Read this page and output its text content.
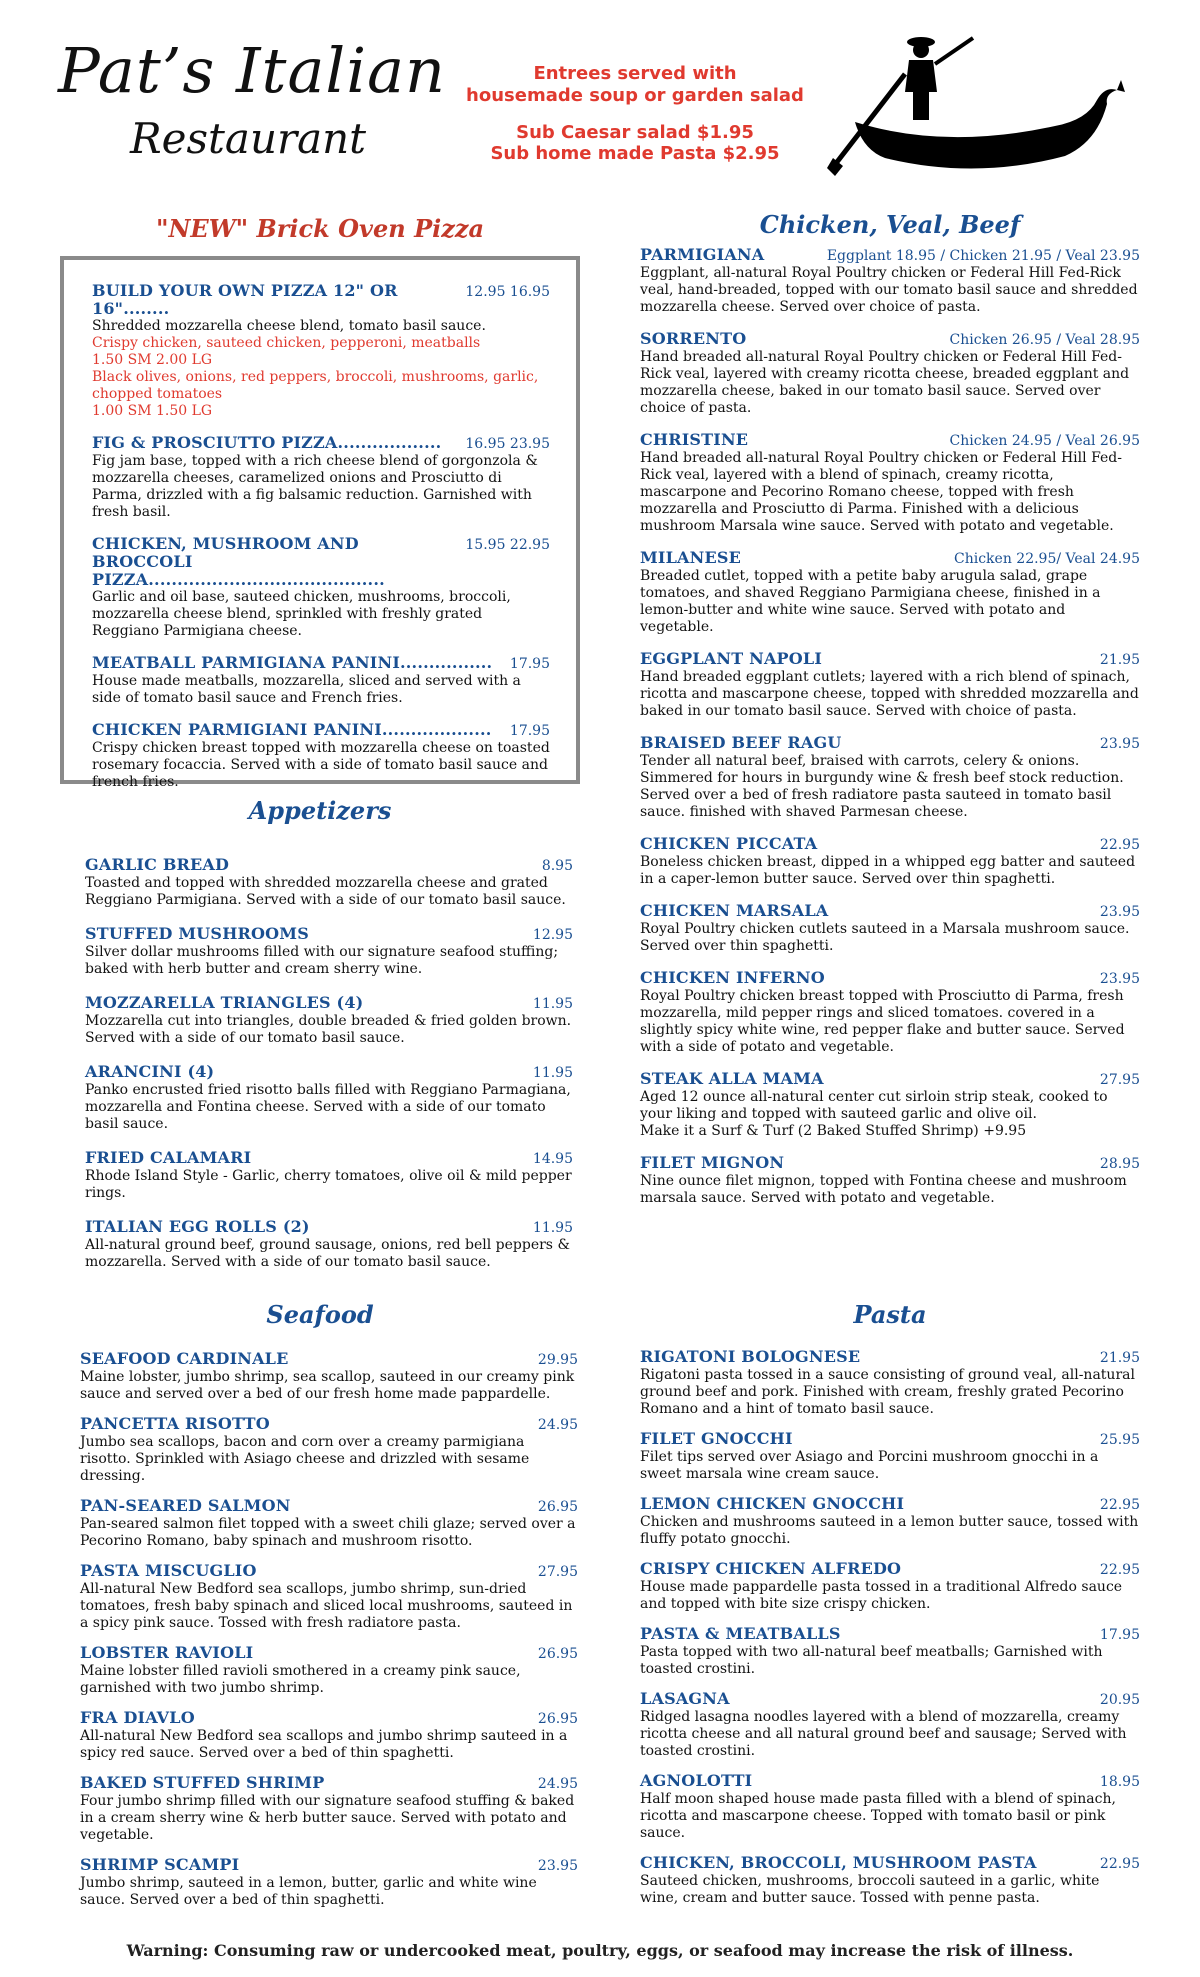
Pat’s Italian
Restaurant
Entrees served with
housemade soup or garden salad
Sub Caesar salad $1.95
Sub home made Pasta $2.95
"NEW" Brick Oven Pizza
BUILD YOUR OWN PIZZA 12" OR 16"........
12.95 16.95
Shredded mozzarella cheese blend, tomato basil sauce.
Crispy chicken, sauteed chicken, pepperoni, meatballs
1.50 SM 2.00 LG
Black olives, onions, red peppers, broccoli, mushrooms, garlic, chopped tomatoes
1.00 SM 1.50 LG
FIG & PROSCIUTTO PIZZA.................. 16.95 23.95
Fig jam base, topped with a rich cheese blend of gorgonzola & mozzarella cheeses, caramelized onions and Prosciutto di Parma, drizzled with a fig balsamic reduction. Garnished with fresh basil.
CHICKEN, MUSHROOM AND BROCCOLI PIZZA.........................................
15.95 22.95
Garlic and oil base, sauteed chicken, mushrooms, broccoli, mozzarella cheese blend, sprinkled with freshly grated Reggiano Parmigiana cheese.
MEATBALL PARMIGIANA PANINI................ 17.95
House made meatballs, mozzarella, sliced and served with a side of tomato basil sauce and French fries.
CHICKEN PARMIGIANI PANINI................... 17.95
Crispy chicken breast topped with mozzarella cheese on toasted rosemary focaccia. Served with a side of tomato basil sauce and french fries.
Appetizers
GARLIC BREAD	8.95
Toasted and topped with shredded mozzarella cheese and grated Reggiano Parmigiana. Served with a side of our tomato basil sauce.
STUFFED MUSHROOMS	12.95
Silver dollar mushrooms filled with our signature seafood stuffing; baked with herb butter and cream sherry wine.
MOZZARELLA TRIANGLES (4)	11.95
Mozzarella cut into triangles, double breaded & fried golden brown. Served with a side of our tomato basil sauce.
ARANCINI (4)	11.95
Panko encrusted fried risotto balls filled with Reggiano Parmagiana, mozzarella and Fontina cheese. Served with a side of our tomato basil sauce.
FRIED CALAMARI	14.95
Rhode Island Style - Garlic, cherry tomatoes, olive oil & mild pepper rings.
ITALIAN EGG ROLLS (2)	11.95
All-natural ground beef, ground sausage, onions, red bell peppers & mozzarella. Served with a side of our tomato basil sauce.
Seafood
SEAFOOD CARDINALE	29.95
Maine lobster, jumbo shrimp, sea scallop, sauteed in our creamy pink sauce and served over a bed of our fresh home made pappardelle.
PANCETTA RISOTTO	24.95
Jumbo sea scallops, bacon and corn over a creamy parmigiana risotto. Sprinkled with Asiago cheese and drizzled with sesame dressing.
PAN-SEARED SALMON	26.95
Pan-seared salmon filet topped with a sweet chili glaze; served over a Pecorino Romano, baby spinach and mushroom risotto.
PASTA MISCUGLIO	27.95
All-natural New Bedford sea scallops, jumbo shrimp, sun-dried tomatoes, fresh baby spinach and sliced local mushrooms, sauteed in a spicy pink sauce. Tossed with fresh radiatore pasta.
LOBSTER RAVIOLI	26.95
Maine lobster filled ravioli smothered in a creamy pink sauce, garnished with two jumbo shrimp.
FRA DIAVLO	26.95
All-natural New Bedford sea scallops and jumbo shrimp sauteed in a spicy red sauce. Served over a bed of thin spaghetti.
BAKED STUFFED SHRIMP	24.95
Four jumbo shrimp filled with our signature seafood stuffing & baked in a cream sherry wine & herb butter sauce. Served with potato and vegetable.
SHRIMP SCAMPI	23.95
Jumbo shrimp, sauteed in a lemon, butter, garlic and white wine sauce. Served over a bed of thin spaghetti.
Chicken, Veal, Beef
PARMIGIANA	Eggplant 18.95 / Chicken 21.95 / Veal 23.95
Eggplant, all-natural Royal Poultry chicken or Federal Hill Fed-Rick veal, hand-breaded, topped with our tomato basil sauce and shredded mozzarella cheese. Served over choice of pasta.
SORRENTO	Chicken 26.95 / Veal 28.95
Hand breaded all-natural Royal Poultry chicken or Federal Hill Fed-Rick veal, layered with creamy ricotta cheese, breaded eggplant and mozzarella cheese, baked in our tomato basil sauce. Served over choice of pasta.
CHRISTINE	Chicken 24.95 / Veal 26.95
Hand breaded all-natural Royal Poultry chicken or Federal Hill Fed-Rick veal, layered with a blend of spinach, creamy ricotta, mascarpone and Pecorino Romano cheese, topped with fresh mozzarella and Prosciutto di Parma. Finished with a delicious mushroom Marsala wine sauce. Served with potato and vegetable.
MILANESE	Chicken 22.95/ Veal 24.95
Breaded cutlet, topped with a petite baby arugula salad, grape tomatoes, and shaved Reggiano Parmigiana cheese, finished in a lemon-butter and white wine sauce. Served with potato and vegetable.
EGGPLANT NAPOLI	21.95
Hand breaded eggplant cutlets; layered with a rich blend of spinach, ricotta and mascarpone cheese, topped with shredded mozzarella and baked in our tomato basil sauce. Served with choice of pasta.
BRAISED BEEF RAGU	23.95
Tender all natural beef, braised with carrots, celery & onions. Simmered for hours in burgundy wine & fresh beef stock reduction. Served over a bed of fresh radiatore pasta sauteed in tomato basil sauce. finished with shaved Parmesan cheese.
CHICKEN PICCATA	22.95
Boneless chicken breast, dipped in a whipped egg batter and sauteed in a caper-lemon butter sauce. Served over thin spaghetti.
CHICKEN MARSALA	23.95
Royal Poultry chicken cutlets sauteed in a Marsala mushroom sauce. Served over thin spaghetti.
CHICKEN INFERNO	23.95
Royal Poultry chicken breast topped with Prosciutto di Parma, fresh mozzarella, mild pepper rings and sliced tomatoes. covered in a slightly spicy white wine, red pepper flake and butter sauce. Served with a side of potato and vegetable.
STEAK ALLA MAMA	27.95
Aged 12 ounce all-natural center cut sirloin strip steak, cooked to your liking and topped with sauteed garlic and olive oil.
Make it a Surf & Turf (2 Baked Stuffed Shrimp) +9.95
FILET MIGNON	28.95
Nine ounce filet mignon, topped with Fontina cheese and mushroom marsala sauce. Served with potato and vegetable.
Pasta
RIGATONI BOLOGNESE	21.95
Rigatoni pasta tossed in a sauce consisting of ground veal, all-natural ground beef and pork. Finished with cream, freshly grated Pecorino Romano and a hint of tomato basil sauce.
FILET GNOCCHI	25.95
Filet tips served over Asiago and Porcini mushroom gnocchi in a sweet marsala wine cream sauce.
LEMON CHICKEN GNOCCHI	22.95
Chicken and mushrooms sauteed in a lemon butter sauce, tossed with fluffy potato gnocchi.
CRISPY CHICKEN ALFREDO	22.95
House made pappardelle pasta tossed in a traditional Alfredo sauce and topped with bite size crispy chicken.
PASTA & MEATBALLS	17.95
Pasta topped with two all-natural beef meatballs; Garnished with toasted crostini.
LASAGNA	20.95
Ridged lasagna noodles layered with a blend of mozzarella, creamy ricotta cheese and all natural ground beef and sausage; Served with toasted crostini.
AGNOLOTTI	18.95
Half moon shaped house made pasta filled with a blend of spinach, ricotta and mascarpone cheese. Topped with tomato basil or pink sauce.
CHICKEN, BROCCOLI, MUSHROOM PASTA	22.95
Sauteed chicken, mushrooms, broccoli sauteed in a garlic, white wine, cream and butter sauce. Tossed with penne pasta.
Warning: Consuming raw or undercooked meat, poultry, eggs, or seafood may increase the risk of illness.
